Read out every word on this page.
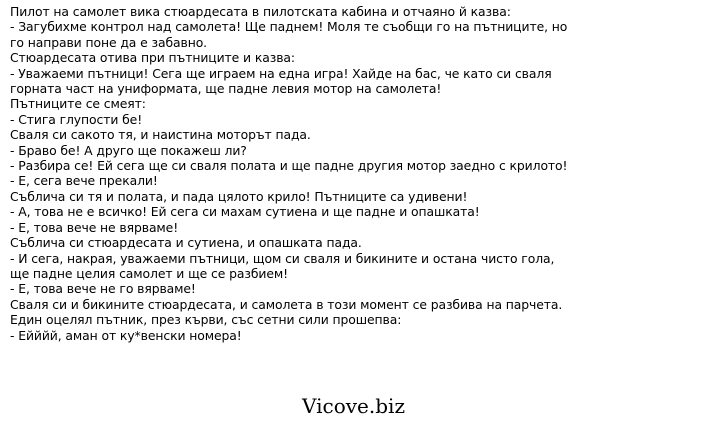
Пилот на самолет вика стюардесата в пилотската кабина и отчаяно й казва:
- Загубихме контрол над самолета! Ще паднем! Моля те съобщи го на пътниците, но
го направи поне да е забавно.
Стюардесата отива при пътниците и казва:
- Уважаеми пътници! Сега ще играем на една игра! Хайде на бас, че като си сваля
горната част на униформата, ще падне левия мотор на самолета!
Пътниците се смеят:
- Стига глупости бе!
Сваля си сакото тя, и наистина моторът пада.
- Браво бе! А друго ще покажеш ли?
- Разбира се! Ей сега ще си сваля полата и ще падне другия мотор заедно с крилото!
- Е, сега вече прекали!
Съблича си тя и полата, и пада цялото крило! Пътниците са удивени!
- А, това не е всичко! Ей сега си махам сутиена и ще падне и опашката!
- Е, това вече не вярваме!
Съблича си стюардесата и сутиена, и опашката пада.
- И сега, накрая, уважаеми пътници, щом си сваля и бикините и остана чисто гола,
ще падне целия самолет и ще се разбием!
- Е, това вече не го вярваме!
Сваля си и бикините стюардесата, и самолета в този момент се разбива на парчета.
Един оцелял пътник, през кърви, със сетни сили прошепва:
- Ейййй, аман от ку*венски номера!
Vicove.biz
